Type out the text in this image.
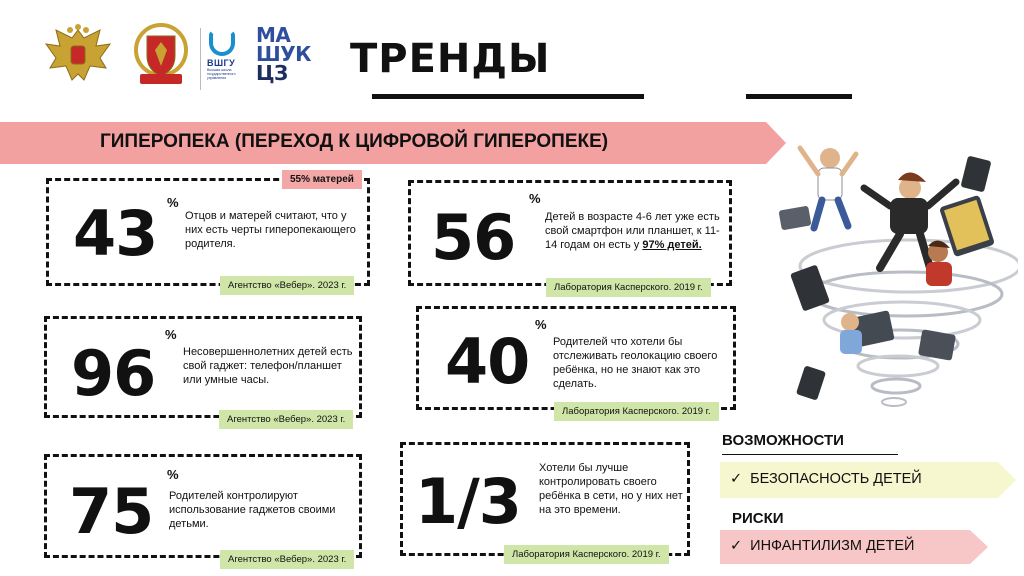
ВШГУ
Высшая школа государственного управления
МА
ШУК
ЦЗ	ТРЕНДЫ
ГИПЕРОПЕКА (ПЕРЕХОД К ЦИФРОВОЙ ГИПЕРОПЕКЕ)
43 %
Отцов и матерей считают, что у них есть черты гиперопекающего родителя.
55% матерей
Агентство «Вебер». 2023 г.
96
%
Несовершеннолетних детей есть свой гаджет: телефон/планшет или умные часы.
Агентство «Вебер». 2023 г.
75
%
Родителей контролируют использование гаджетов своими детьми.
Агентство «Вебер». 2023 г.
56
%
Детей в возрасте 4-6 лет уже есть свой смартфон или планшет, к 11-14 годам он есть у 97% детей.
Лаборатория Касперского. 2019 г.
40
%
Родителей что хотели бы отслеживать геолокацию своего ребёнка, но не знают как это сделать.
Лаборатория Касперского. 2019 г.
1/3 Хотели бы лучше контролировать своего ребёнка в сети, но у них нет на это времени.
Лаборатория Касперского. 2019 г.
ВОЗМОЖНОСТИ
✓ БЕЗОПАСНОСТЬ ДЕТЕЙ
РИСКИ
✓ ИНФАНТИЛИЗМ ДЕТЕЙ
